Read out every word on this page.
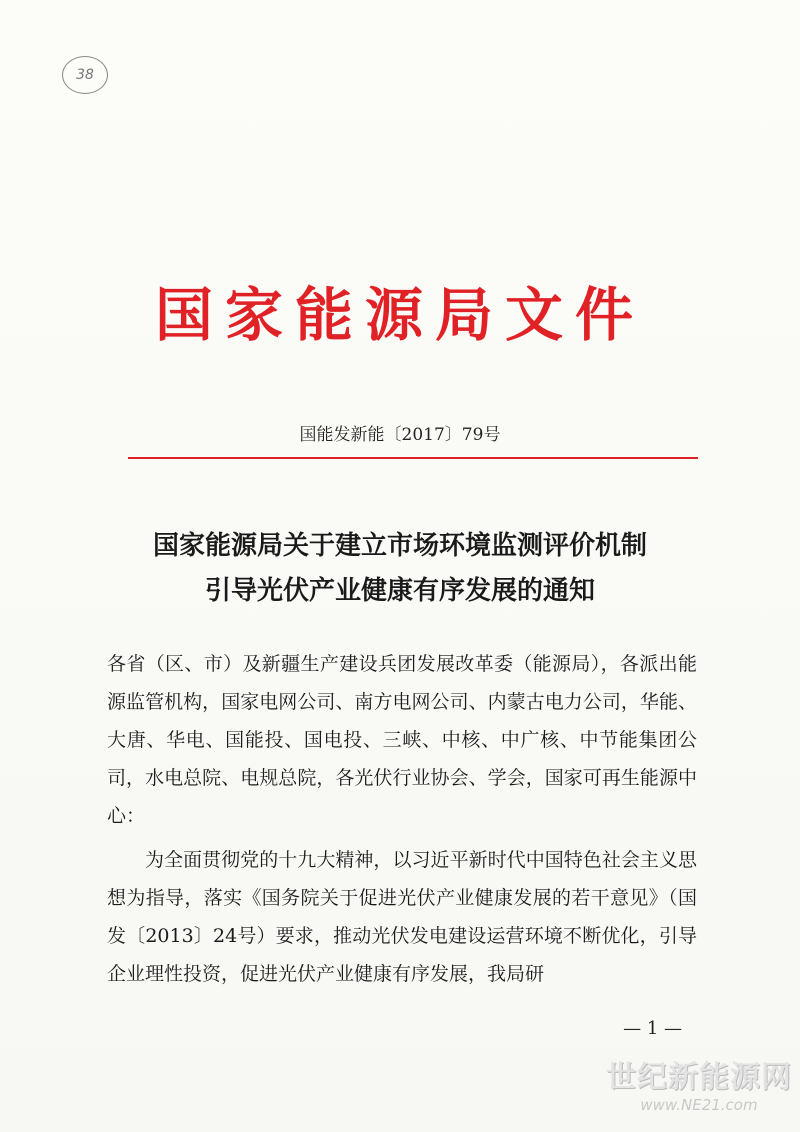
38
国家能源局文件
国能发新能〔2017〕79号
国家能源局关于建立市场环境监测评价机制
引导光伏产业健康有序发展的通知

各省（区、市）及新疆生产建设兵团发展改革委（能源局），各派出能源监管机构，国家电网公司、南方电网公司、内蒙古电力公司，华能、大唐、华电、国能投、国电投、三峡、中核、中广核、中节能集团公司，水电总院、电规总院，各光伏行业协会、学会，国家可再生能源中心：

为全面贯彻党的十九大精神，以习近平新时代中国特色社会主义思想为指导，落实《国务院关于促进光伏产业健康发展的若干意见》（国发〔2013〕24号）要求，推动光伏发电建设运营环境不断优化，引导企业理性投资，促进光伏产业健康有序发展，我局研

— 1 —
世纪新能源网
www.NE21.com
